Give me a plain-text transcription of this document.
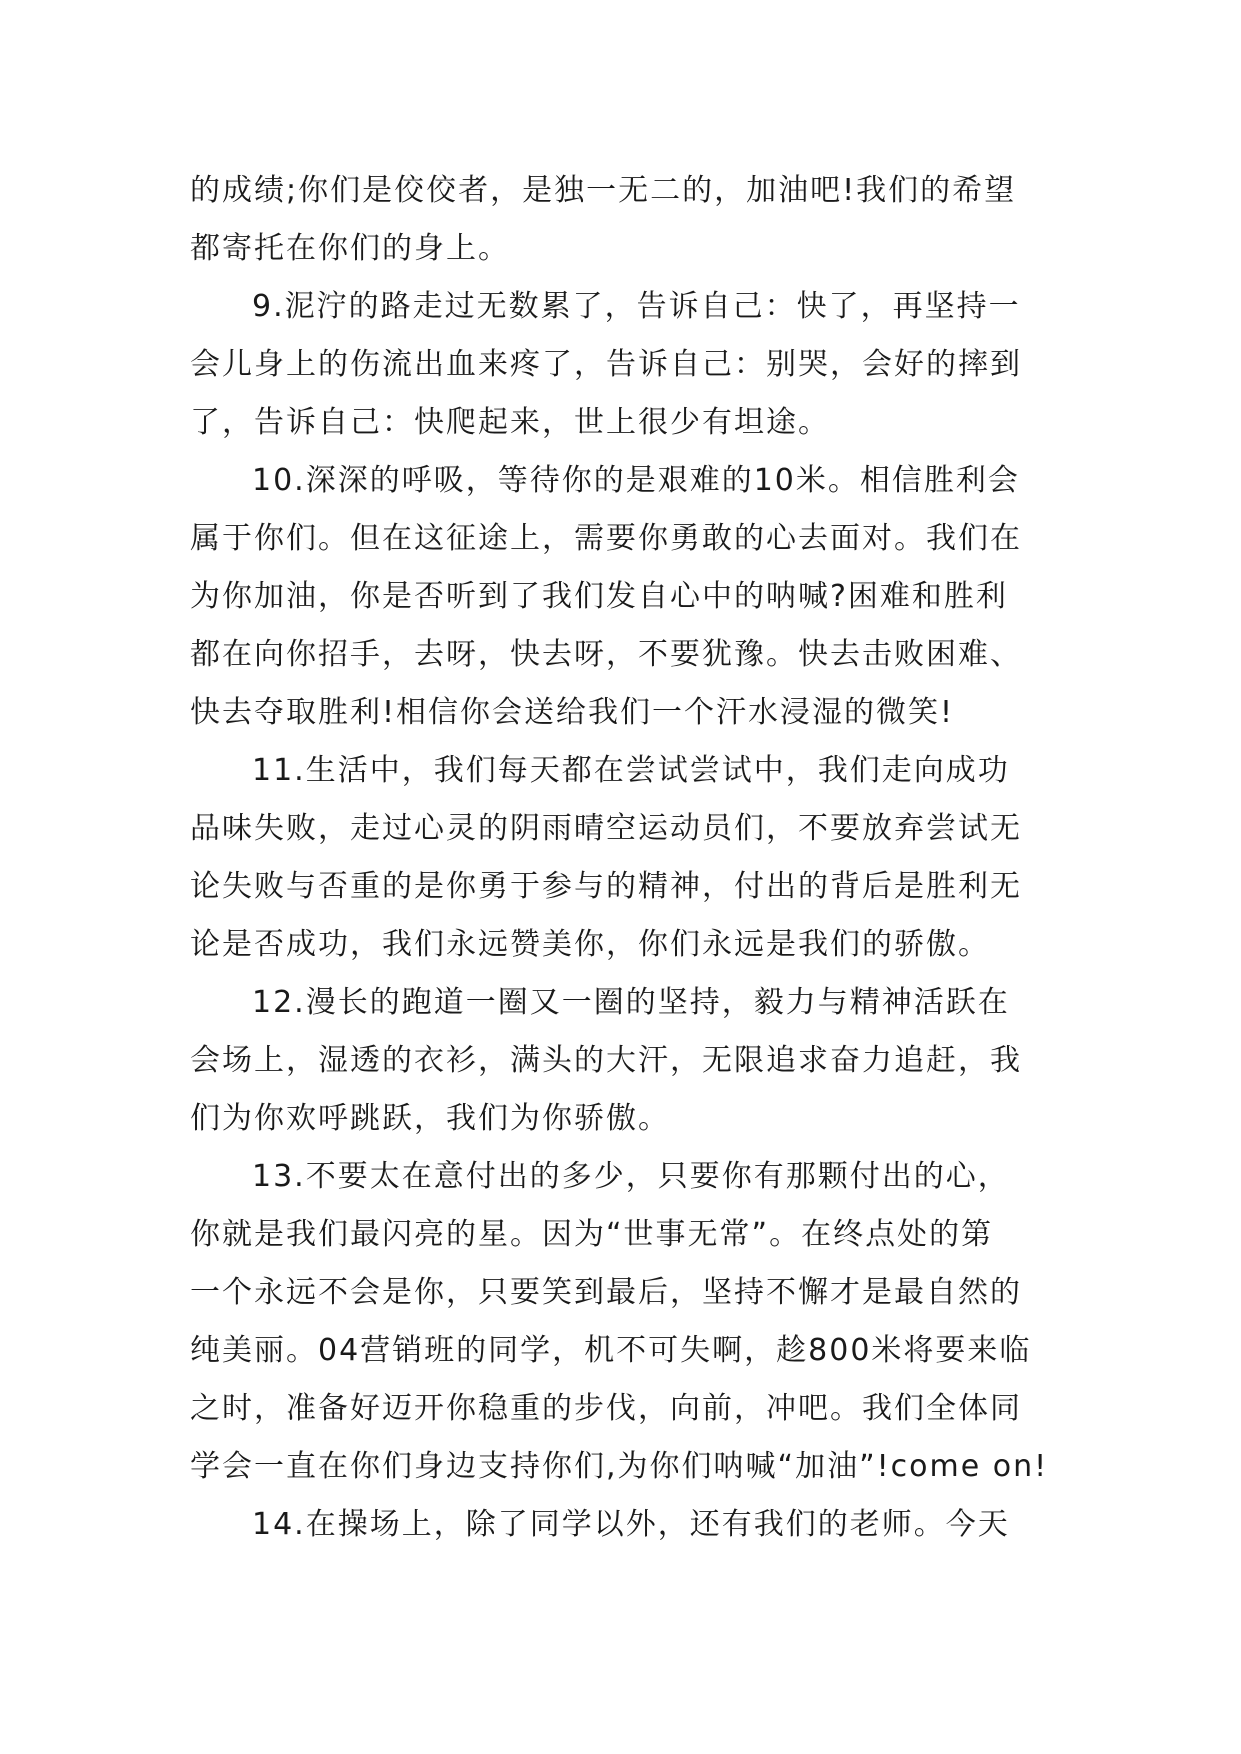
的成绩;你们是佼佼者，是独一无二的，加油吧!我们的希望
都寄托在你们的身上。
9.泥泞的路走过无数累了，告诉自己：快了，再坚持一
会儿身上的伤流出血来疼了，告诉自己：别哭，会好的摔到
了，告诉自己：快爬起来，世上很少有坦途。
10.深深的呼吸，等待你的是艰难的10米。相信胜利会
属于你们。但在这征途上，需要你勇敢的心去面对。我们在
为你加油，你是否听到了我们发自心中的呐喊?困难和胜利
都在向你招手，去呀，快去呀，不要犹豫。快去击败困难、
快去夺取胜利!相信你会送给我们一个汗水浸湿的微笑!
11.生活中，我们每天都在尝试尝试中，我们走向成功
品味失败，走过心灵的阴雨晴空运动员们，不要放弃尝试无
论失败与否重的是你勇于参与的精神，付出的背后是胜利无
论是否成功，我们永远赞美你，你们永远是我们的骄傲。
12.漫长的跑道一圈又一圈的坚持，毅力与精神活跃在
会场上，湿透的衣衫，满头的大汗，无限追求奋力追赶，我
们为你欢呼跳跃，我们为你骄傲。
13.不要太在意付出的多少，只要你有那颗付出的心，
你就是我们最闪亮的星。因为“世事无常”。在终点处的第
一个永远不会是你，只要笑到最后，坚持不懈才是最自然的
纯美丽。04营销班的同学，机不可失啊，趁800米将要来临
之时，准备好迈开你稳重的步伐，向前，冲吧。我们全体同
学会一直在你们身边支持你们,为你们呐喊“加油”!come on!
14.在操场上，除了同学以外，还有我们的老师。今天
